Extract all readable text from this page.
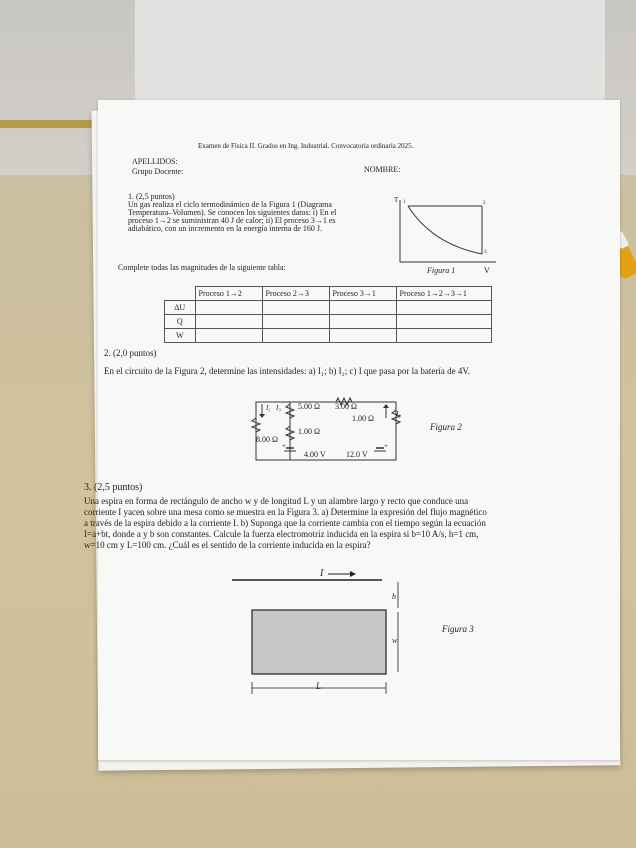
Examen de Física II. Grados en Ing. Industrial. Convocatoria ordinaria 2025.
APELLIDOS:
Grupo Docente:	NOMBRE:
1. (2,5 puntos)
Un gas realiza el ciclo termodinámico de la Figura 1 (Diagrama
Temperatura–Volumen). Se conocen los siguientes datos: i) En el
proceso 1→2 se suministran 40 J de calor; ii) El proceso 3→1 es
adiabático, con un incremento en la energía interna de 160 J.
T 1	2
3
Figura 1	V
Complete todas las magnitudes de la siguiente tabla:
	Proceso 1→2	Proceso 2→3	Proceso 3→1	Proceso 1→2→3→1
ΔU				
Q				
W				
2. (2,0 puntos)
En el circuito de la Figura 2, determine las intensidades: a) I₁; b) I₂; c) I que pasa por la batería de 4V.
I₁ I₃
I₂
5.00 Ω 3.00 Ω
1.00 Ω
1.00 Ω
8.00 Ω
4.00 V	12.0 V
+	+
Figura 2
3. (2,5 puntos)
Una espira en forma de rectángulo de ancho w y de longitud L y un alambre largo y recto que conduce una
corriente I yacen sobre una mesa como se muestra en la Figura 3. a) Determine la expresión del flujo magnético
a través de la espira debido a la corriente I. b) Suponga que la corriente cambia con el tiempo según la ecuación
I=a+bt, donde a y b son constantes. Calcule la fuerza electromotriz inducida en la espira si b=10 A/s, h=1 cm,
w=10 cm y L=100 cm. ¿Cuál es el sentido de la corriente inducida en la espira?
I
h
w
L
Figura 3
